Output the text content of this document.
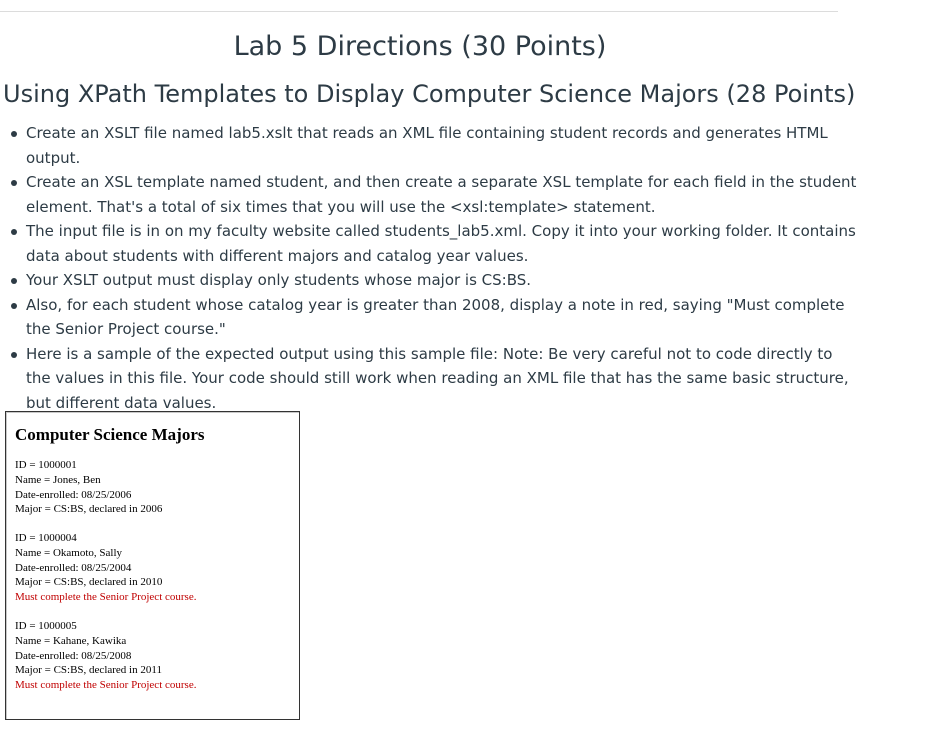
Lab 5 Directions (30 Points)
Using XPath Templates to Display Computer Science Majors (28 Points)
Create an XSLT file named lab5.xslt that reads an XML file containing student records and generates HTML output.
Create an XSL template named student, and then create a separate XSL template for each field in the student element. That's a total of six times that you will use the <xsl:template> statement.
The input file is in on my faculty website called students_lab5.xml. Copy it into your working folder. It contains data about students with different majors and catalog year values.
Your XSLT output must display only students whose major is CS:BS.
Also, for each student whose catalog year is greater than 2008, display a note in red, saying "Must complete the Senior Project course."
Here is a sample of the expected output using this sample file: Note: Be very careful not to code directly to the values in this file. Your code should still work when reading an XML file that has the same basic structure, but different data values.
Computer Science Majors
ID = 1000001
Name = Jones, Ben
Date-enrolled: 08/25/2006
Major = CS:BS, declared in 2006
ID = 1000004
Name = Okamoto, Sally
Date-enrolled: 08/25/2004
Major = CS:BS, declared in 2010
Must complete the Senior Project course.
ID = 1000005
Name = Kahane, Kawika
Date-enrolled: 08/25/2008
Major = CS:BS, declared in 2011
Must complete the Senior Project course.
